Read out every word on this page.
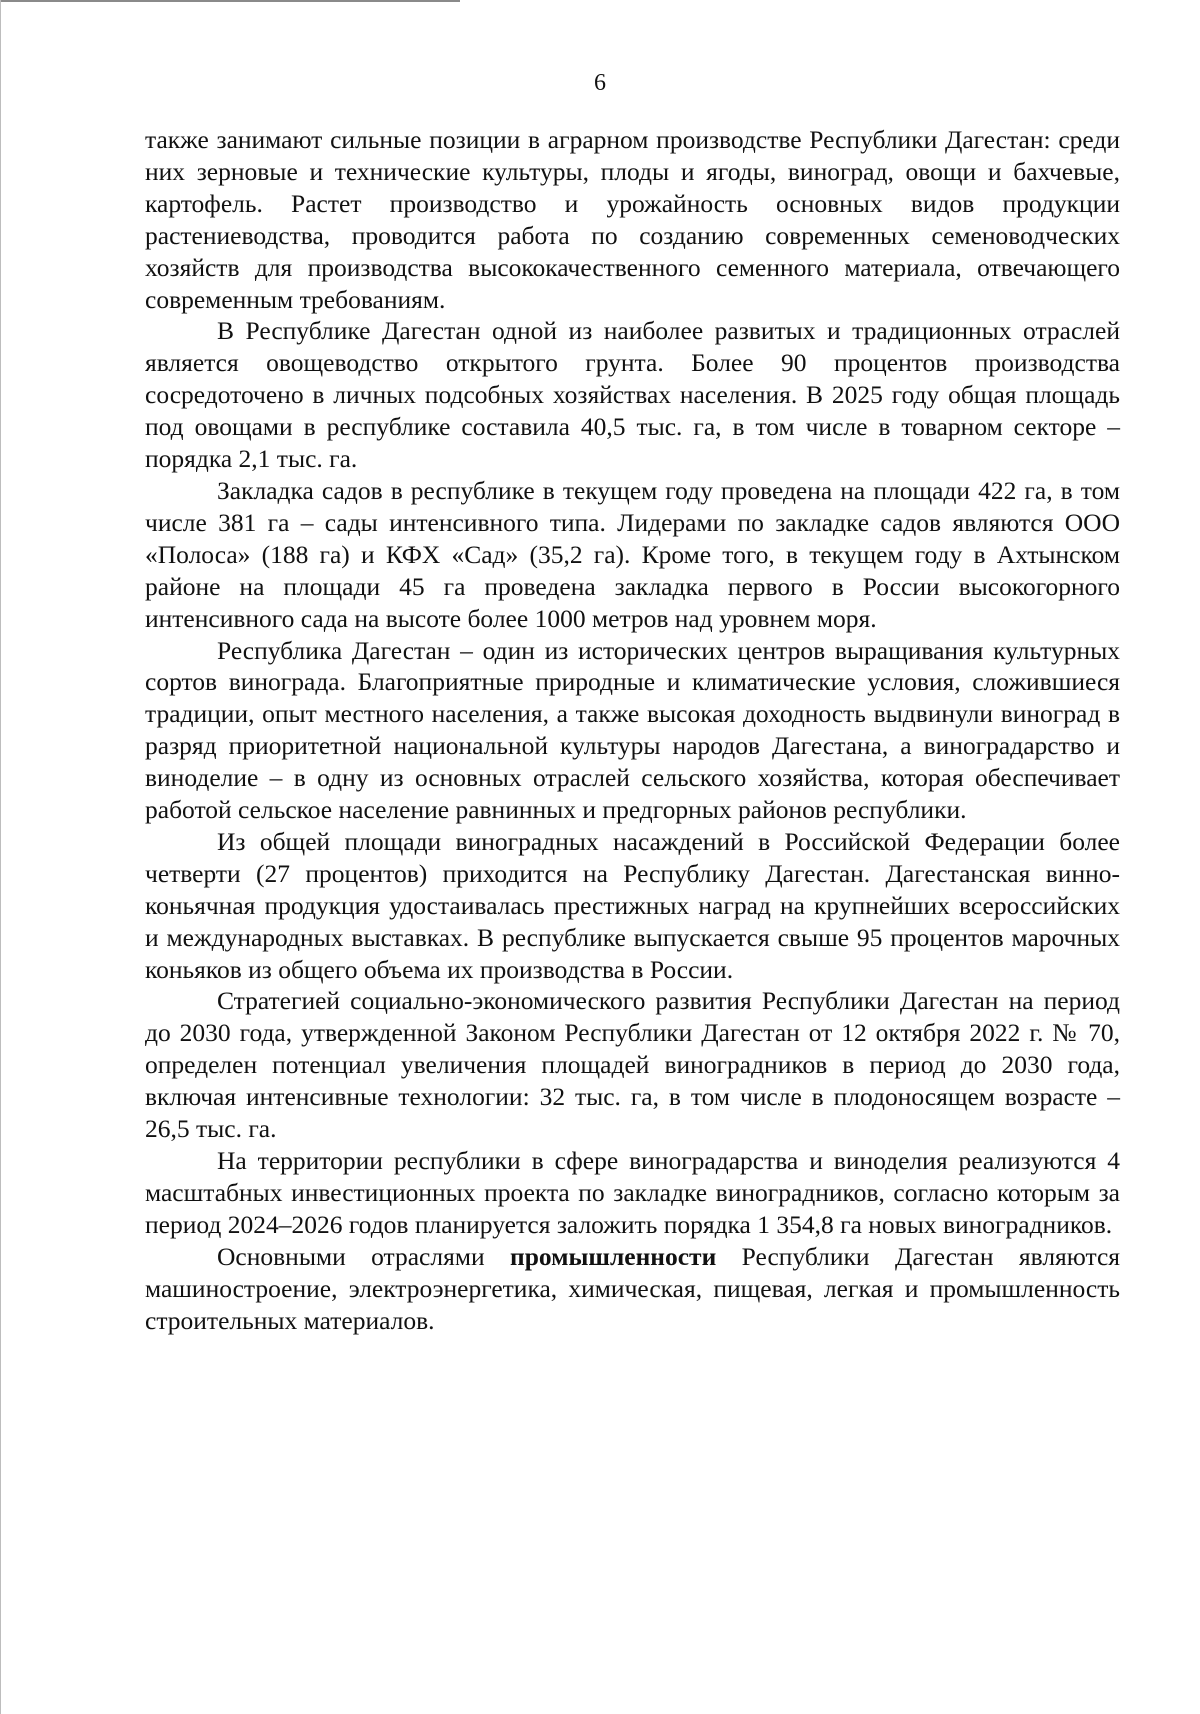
6

также занимают сильные позиции в аграрном производстве Республики Дагестан: среди них зерновые и технические культуры, плоды и ягоды, виноград, овощи и бахчевые, картофель. Растет производство и урожайность основных видов продукции растениеводства, проводится работа по созданию современных семеноводческих хозяйств для производства высококачественного семенного материала, отвечающего современным требованиям.

В Республике Дагестан одной из наиболее развитых и традиционных отраслей является овощеводство открытого грунта. Более 90 процентов производства сосредоточено в личных подсобных хозяйствах населения. В 2025 году общая площадь под овощами в республике составила 40,5 тыс. га, в том числе в товарном секторе – порядка 2,1 тыс. га.

Закладка садов в республике в текущем году проведена на площади 422 га, в том числе 381 га – сады интенсивного типа. Лидерами по закладке садов являются ООО «Полоса» (188 га) и КФХ «Сад» (35,2 га). Кроме того, в текущем году в Ахтынском районе на площади 45 га проведена закладка первого в России высокогорного интенсивного сада на высоте более 1000 метров над уровнем моря.

Республика Дагестан – один из исторических центров выращивания культурных сортов винограда. Благоприятные природные и климатические условия, сложившиеся традиции, опыт местного населения, а также высокая доходность выдвинули виноград в разряд приоритетной национальной культуры народов Дагестана, а виноградарство и виноделие – в одну из основных отраслей сельского хозяйства, которая обеспечивает работой сельское население равнинных и предгорных районов республики.

Из общей площади виноградных насаждений в Российской Федерации более четверти (27 процентов) приходится на Республику Дагестан. Дагестанская винно-коньячная продукция удостаивалась престижных наград на крупнейших всероссийских и международных выставках. В республике выпускается свыше 95 процентов марочных коньяков из общего объема их производства в России.

Стратегией социально-экономического развития Республики Дагестан на период до 2030 года, утвержденной Законом Республики Дагестан от 12 октября 2022 г. № 70, определен потенциал увеличения площадей виноградников в период до 2030 года, включая интенсивные технологии: 32 тыс. га, в том числе в плодоносящем возрасте – 26,5 тыс. га.

На территории республики в сфере виноградарства и виноделия реализуются 4 масштабных инвестиционных проекта по закладке виноградников, согласно которым за период 2024–2026 годов планируется заложить порядка 1 354,8 га новых виноградников.

Основными отраслями промышленности Республики Дагестан являются машиностроение, электроэнергетика, химическая, пищевая, легкая и промышленность строительных материалов.
